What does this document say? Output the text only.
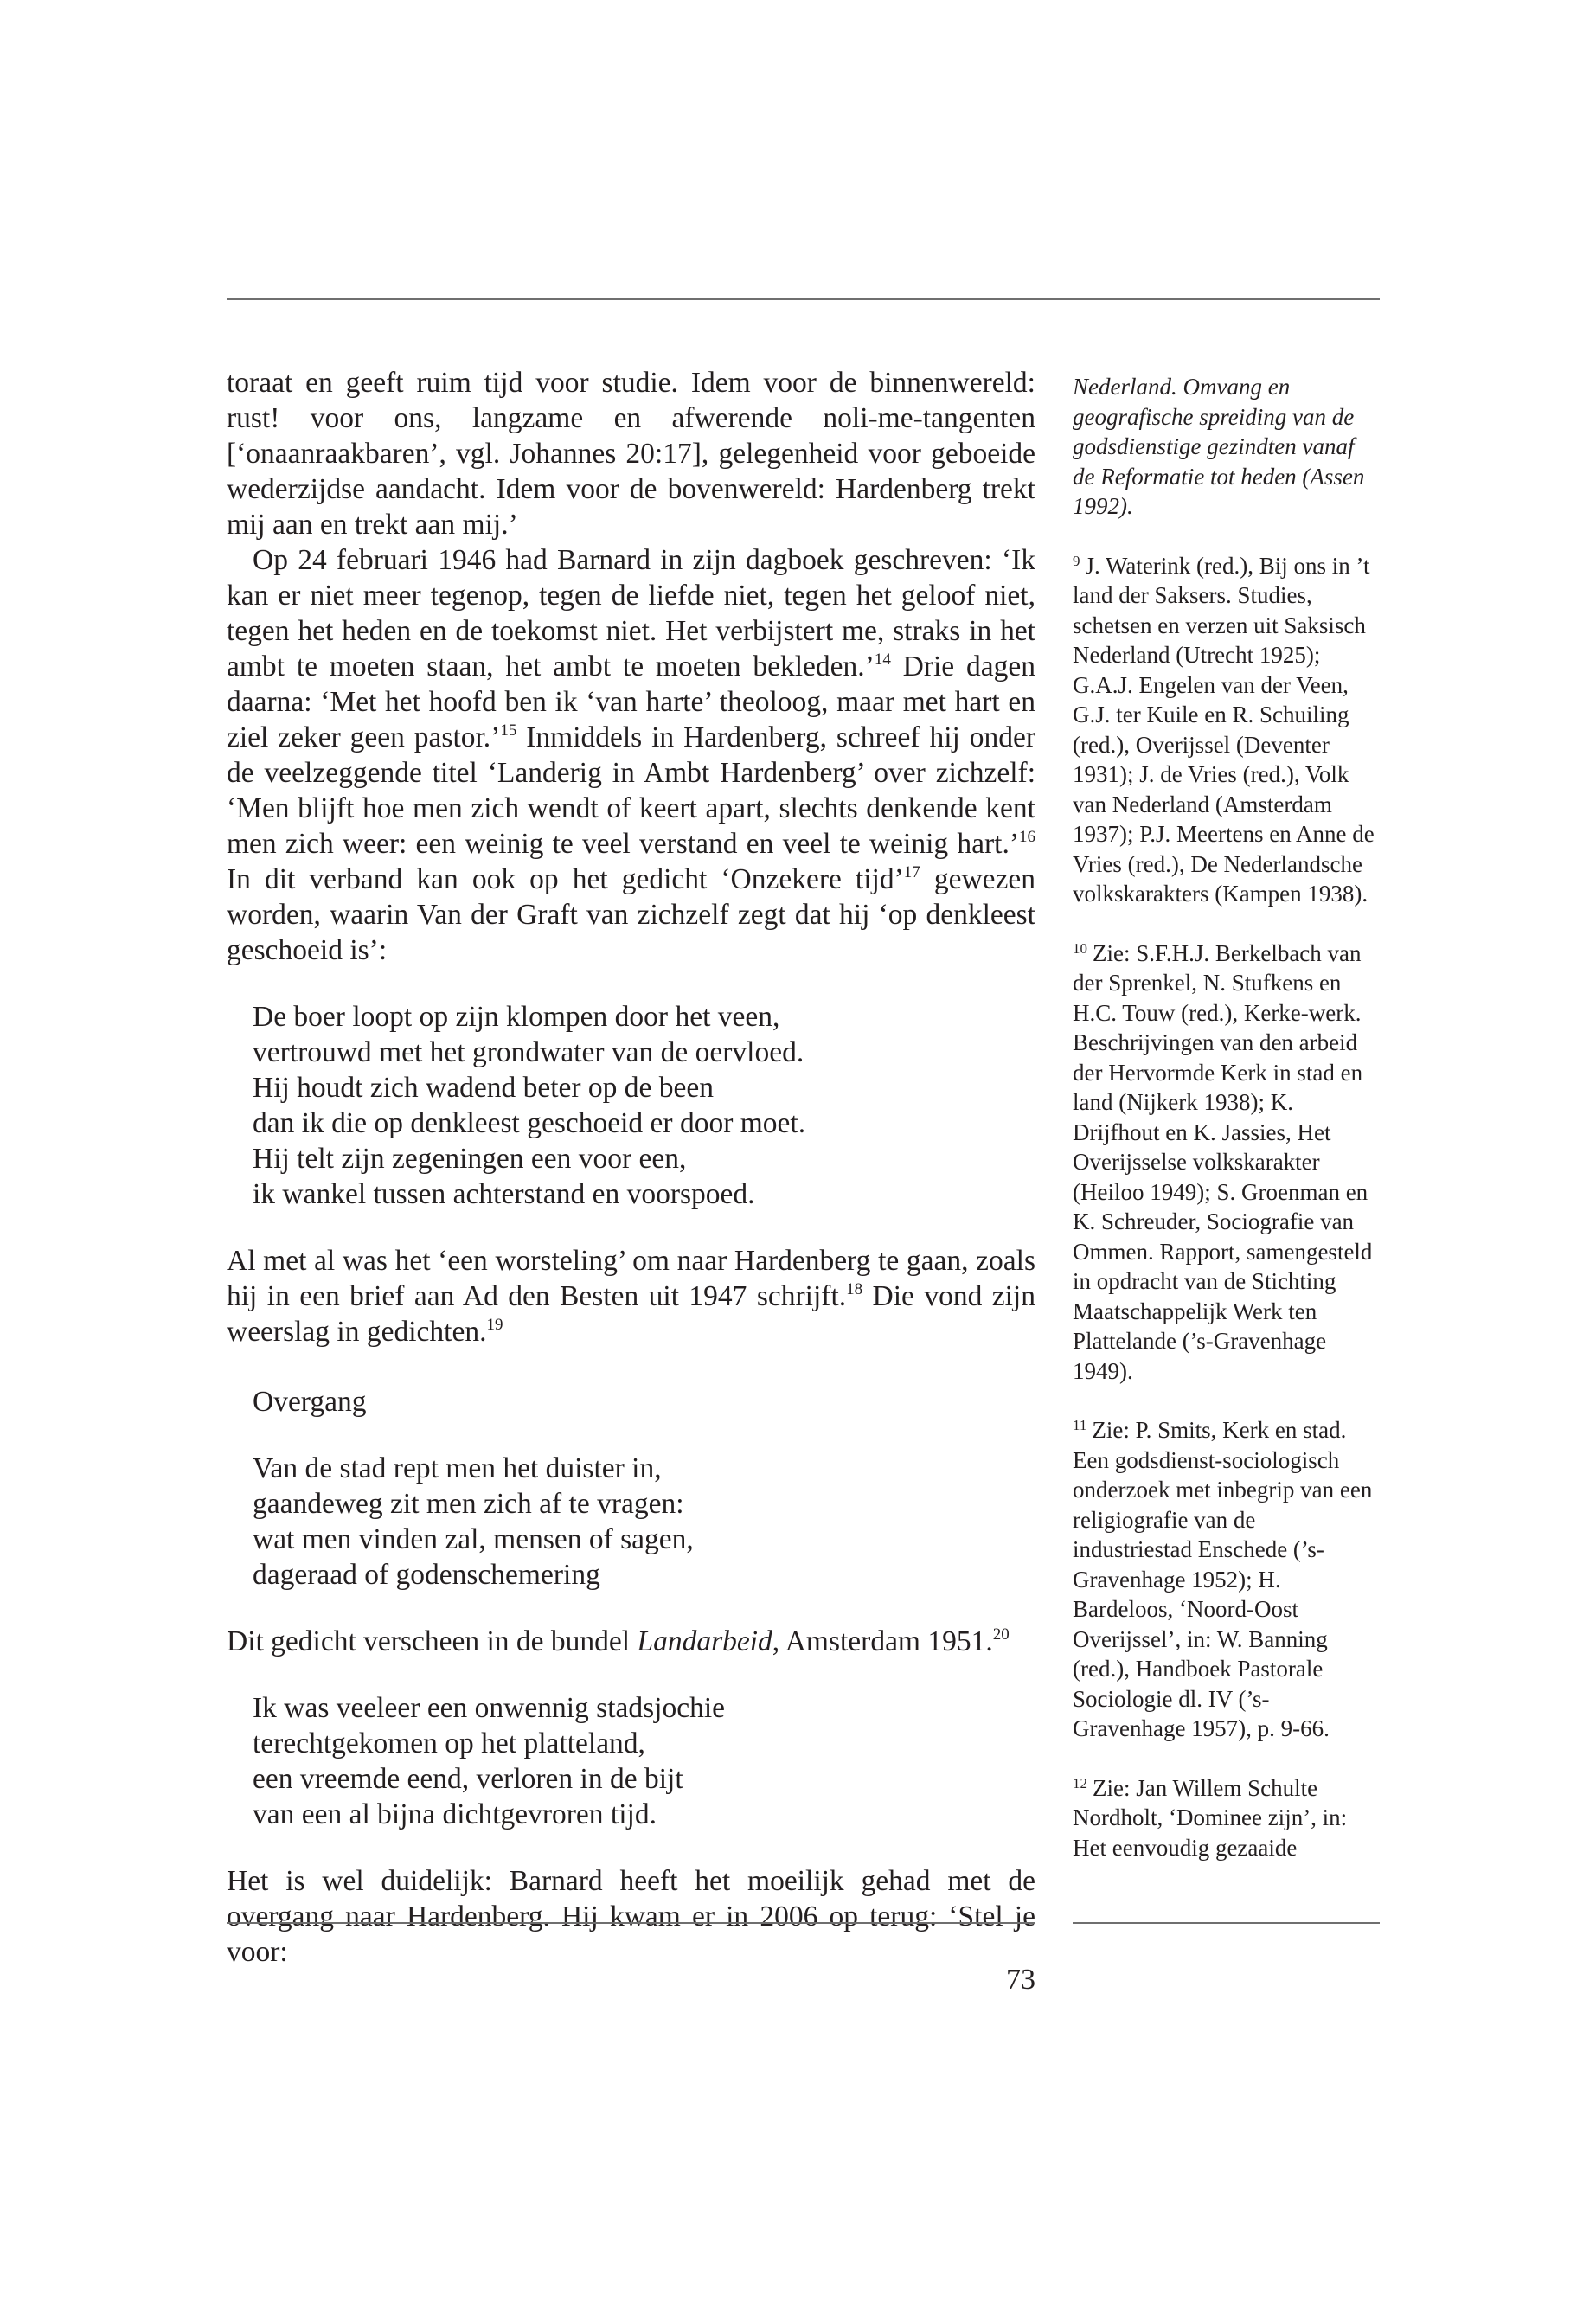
toraat en geeft ruim tijd voor studie. Idem voor de binnenwereld: rust! voor ons, langzame en afwerende noli-me-tangenten [‘onaanraakbaren’, vgl. Johannes 20:17], gelegenheid voor geboeide wederzijdse aandacht. Idem voor de bovenwereld: Hardenberg trekt mij aan en trekt aan mij.’

Op 24 februari 1946 had Barnard in zijn dagboek geschreven: ‘Ik kan er niet meer tegenop, tegen de liefde niet, tegen het geloof niet, tegen het heden en de toekomst niet. Het verbijstert me, straks in het ambt te moeten staan, het ambt te moeten bekleden.’$^{14}$ Drie dagen daarna: ‘Met het hoofd ben ik ‘van harte’ theoloog, maar met hart en ziel zeker geen pastor.’$^{15}$ Inmiddels in Hardenberg, schreef hij onder de veelzeggende titel ‘Landerig in Ambt Hardenberg’ over zichzelf: ‘Men blijft hoe men zich wendt of keert apart, slechts denkende kent men zich weer: een weinig te veel verstand en veel te weinig hart.’$^{16}$ In dit verband kan ook op het gedicht ‘Onzekere tijd’$^{17}$ gewezen worden, waarin Van der Graft van zichzelf zegt dat hij ‘op denkleest geschoeid is’:

De boer loopt op zijn klompen door het veen,
vertrouwd met het grondwater van de oervloed.
Hij houdt zich wadend beter op de been
dan ik die op denkleest geschoeid er door moet.
Hij telt zijn zegeningen een voor een,
ik wankel tussen achterstand en voorspoed.

Al met al was het ‘een worsteling’ om naar Hardenberg te gaan, zoals hij in een brief aan Ad den Besten uit 1947 schrijft.$^{18}$ Die vond zijn weerslag in gedichten.$^{19}$

Overgang
Van de stad rept men het duister in,
gaandeweg zit men zich af te vragen:
wat men vinden zal, mensen of sagen,
dageraad of godenschemering

Dit gedicht verscheen in de bundel Landarbeid, Amsterdam 1951.20

Ik was veeleer een onwennig stadsjochie
terechtgekomen op het platteland,
een vreemde eend, verloren in de bijt
van een al bijna dichtgevroren tijd.

Het is wel duidelijk: Barnard heeft het moeilijk gehad met de overgang naar Hardenberg. Hij kwam er in 2006 op terug: ‘Stel je voor:

Nederland. Omvang en geografische spreiding van de godsdienstige gezindten vanaf de Reformatie tot heden (Assen 1992).
$^9$ J. Waterink (red.), Bij ons in ’t land der Saksers. Studies, schetsen en verzen uit Saksisch Nederland (Utrecht 1925); G.A.J. Engelen van der Veen, G.J. ter Kuile en R. Schuiling (red.), Overijssel (Deventer 1931); J. de Vries (red.), Volk van Nederland (Amsterdam 1937); P.J. Meertens en Anne de Vries (red.), De Nederlandsche volkskarakters (Kampen 1938).
$^{10}$ Zie: S.F.H.J. Berkelbach van der Sprenkel, N. Stufkens en H.C. Touw (red.), Kerke-werk. Beschrijvingen van den arbeid der Hervormde Kerk in stad en land (Nijkerk 1938); K. Drijfhout en K. Jassies, Het Overijsselse volkskarakter (Heiloo 1949); S. Groenman en K. Schreuder, Sociografie van Ommen. Rapport, samengesteld in opdracht van de Stichting Maatschappelijk Werk ten Plattelande (’s-Gravenhage 1949).
$^{11}$ Zie: P. Smits, Kerk en stad. Een godsdienst-sociologisch onderzoek met inbegrip van een religiografie van de industriestad Enschede (’s-Gravenhage 1952); H. Bardeloos, ‘Noord-Oost Overijssel’, in: W. Banning (red.), Handboek Pastorale Sociologie dl. IV (’s-Gravenhage 1957), p. 9-66.
$^{12}$ Zie: Jan Willem Schulte Nordholt, ‘Dominee zijn’, in: Het eenvoudig gezaaide
73
